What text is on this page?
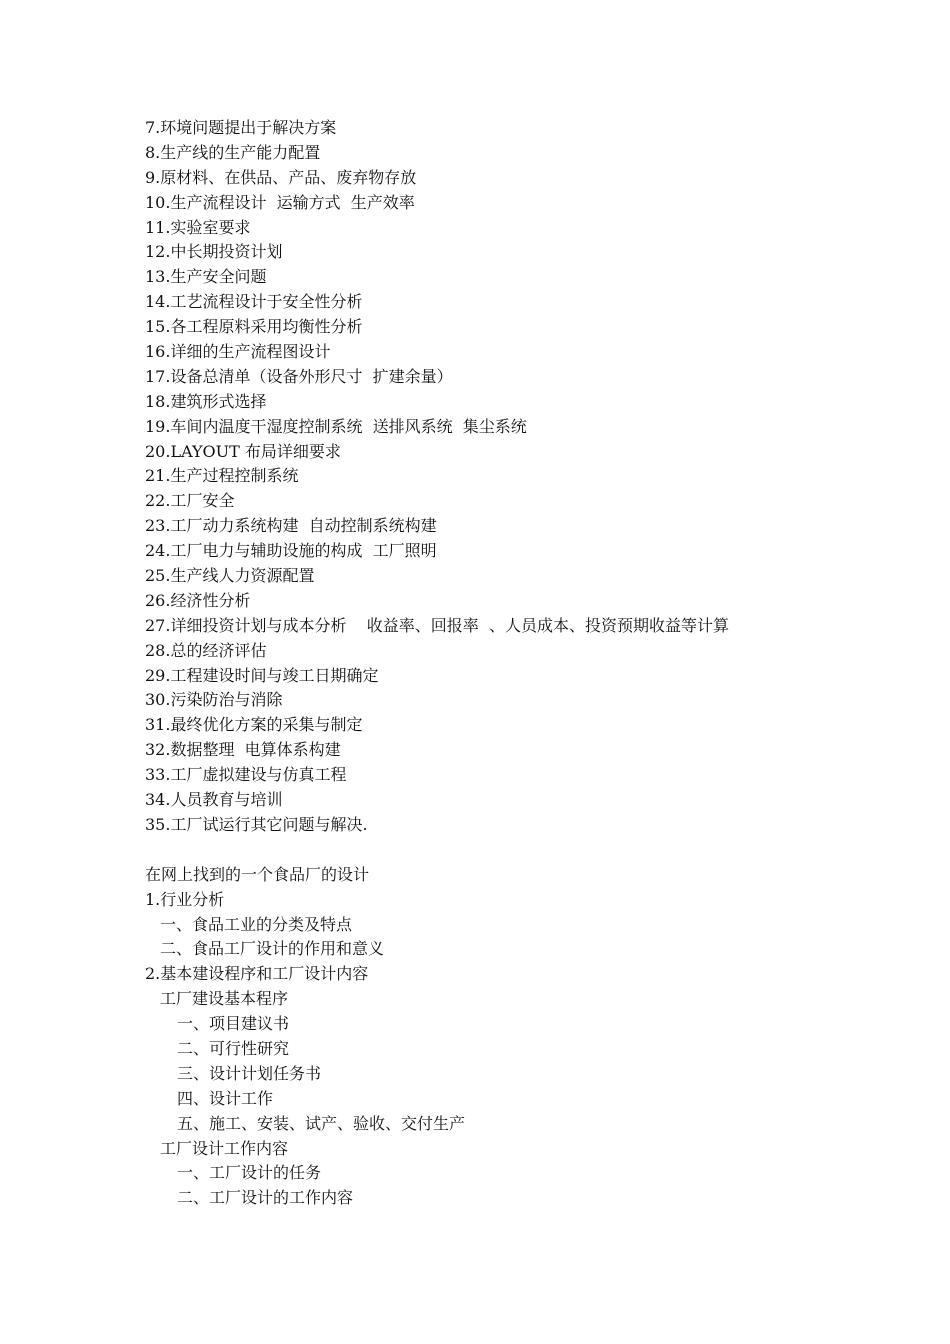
7.环境问题提出于解决方案
8.生产线的生产能力配置
9.原材料、在供品、产品、废弃物存放
10.生产流程设计  运输方式  生产效率
11.实验室要求
12.中长期投资计划
13.生产安全问题
14.工艺流程设计于安全性分析
15.各工程原料采用均衡性分析
16.详细的生产流程图设计
17.设备总清单（设备外形尺寸  扩建余量）
18.建筑形式选择
19.车间内温度干湿度控制系统  送排风系统  集尘系统
20.LAYOUT 布局详细要求
21.生产过程控制系统
22.工厂安全
23.工厂动力系统构建  自动控制系统构建
24.工厂电力与辅助设施的构成  工厂照明
25.生产线人力资源配置
26.经济性分析
27.详细投资计划与成本分析    收益率、回报率  、人员成本、投资预期收益等计算
28.总的经济评估
29.工程建设时间与竣工日期确定
30.污染防治与消除
31.最终优化方案的采集与制定
32.数据整理  电算体系构建
33.工厂虚拟建设与仿真工程
34.人员教育与培训
35.工厂试运行其它问题与解决.
在网上找到的一个食品厂的设计
1.行业分析
一、食品工业的分类及特点
二、食品工厂设计的作用和意义
2.基本建设程序和工厂设计内容
工厂建设基本程序
一、项目建议书
二、可行性研究
三、设计计划任务书
四、设计工作
五、施工、安装、试产、验收、交付生产
工厂设计工作内容
一、工厂设计的任务
二、工厂设计的工作内容
